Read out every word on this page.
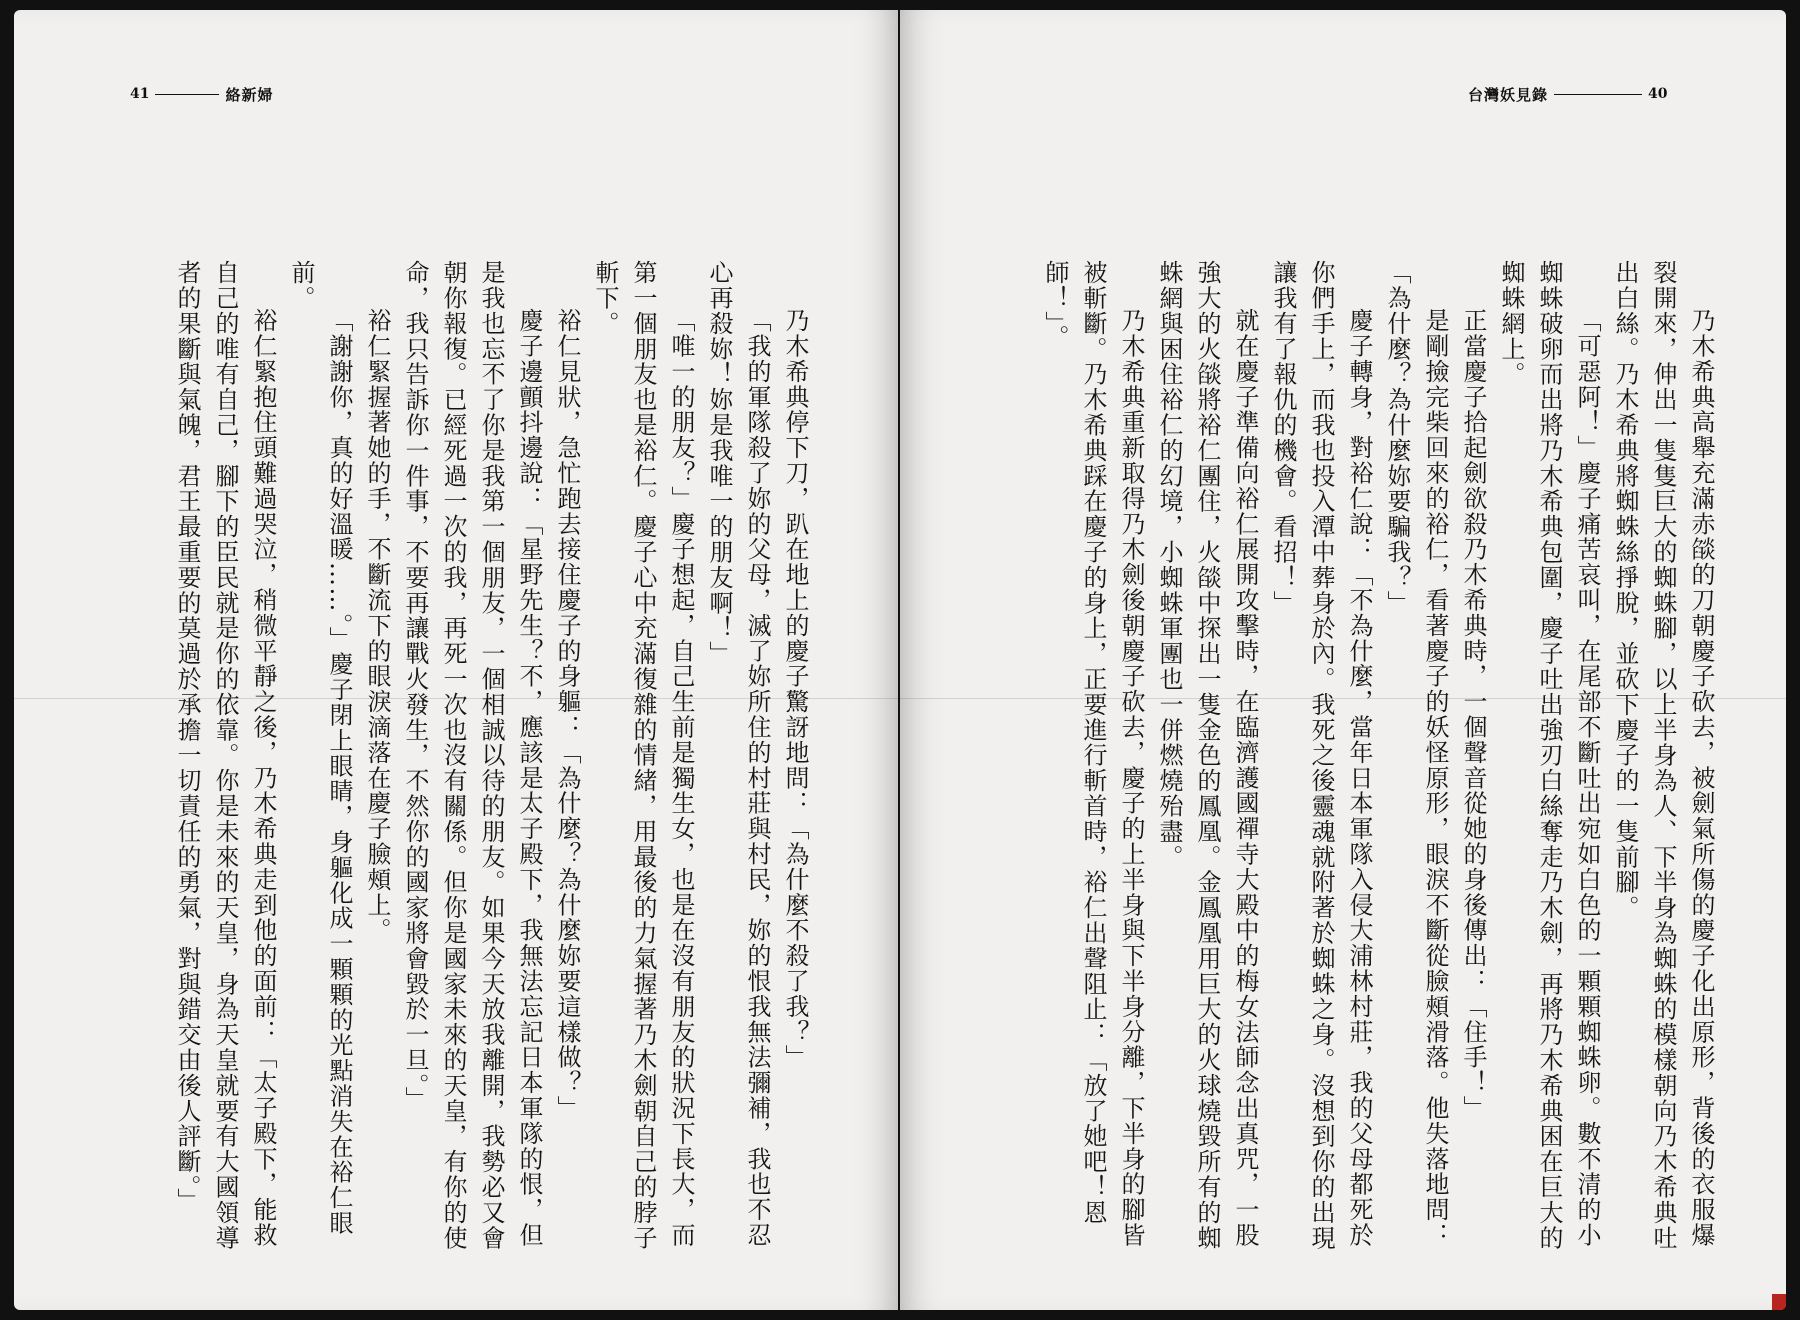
41	絡新婦

乃木希典停下刀，趴在地上的慶子驚訝地問：「為什麼不殺了我？」

「我的軍隊殺了妳的父母，滅了妳所住的村莊與村民，妳的恨我無法彌補，我也不忍心再殺妳！妳是我唯一的朋友啊！」

「唯一的朋友？」慶子想起，自己生前是獨生女，也是在沒有朋友的狀況下長大，而第一個朋友也是裕仁。慶子心中充滿復雜的情緒，用最後的力氣握著乃木劍朝自己的脖子斬下。

裕仁見狀，急忙跑去接住慶子的身軀：「為什麼？為什麼妳要這樣做？」

慶子邊顫抖邊說：「星野先生？不，應該是太子殿下，我無法忘記日本軍隊的恨，但是我也忘不了你是我第一個朋友，一個相誠以待的朋友。如果今天放我離開，我勢必又會朝你報復。已經死過一次的我，再死一次也沒有關係。但你是國家未來的天皇，有你的使命，我只告訴你一件事，不要再讓戰火發生，不然你的國家將會毀於一旦。」

裕仁緊握著她的手，不斷流下的眼淚滴落在慶子臉頰上。

「謝謝你，真的好溫暖……。」慶子閉上眼睛，身軀化成一顆顆的光點消失在裕仁眼前。

裕仁緊抱住頭難過哭泣，稍微平靜之後，乃木希典走到他的面前：「太子殿下，能救自己的唯有自己，腳下的臣民就是你的依靠。你是未來的天皇，身為天皇就要有大國領導者的果斷與氣魄，君王最重要的莫過於承擔一切責任的勇氣，對與錯交由後人評斷。」

台灣妖見錄	40

乃木希典高舉充滿赤燄的刀朝慶子砍去，被劍氣所傷的慶子化出原形，背後的衣服爆裂開來，伸出一隻隻巨大的蜘蛛腳，以上半身為人、下半身為蜘蛛的模樣朝向乃木希典吐出白絲。乃木希典將蜘蛛絲掙脫，並砍下慶子的一隻前腳。

「可惡阿！」慶子痛苦哀叫，在尾部不斷吐出宛如白色的一顆顆蜘蛛卵。數不清的小蜘蛛破卵而出將乃木希典包圍，慶子吐出強刃白絲奪走乃木劍，再將乃木希典困在巨大的蜘蛛網上。

正當慶子拾起劍欲殺乃木希典時，一個聲音從她的身後傳出：「住手！」

是剛撿完柴回來的裕仁，看著慶子的妖怪原形，眼淚不斷從臉頰滑落。他失落地問：「為什麼？為什麼妳要騙我？」

慶子轉身，對裕仁說：「不為什麼，當年日本軍隊入侵大浦林村莊，我的父母都死於你們手上，而我也投入潭中葬身於內。我死之後靈魂就附著於蜘蛛之身。沒想到你的出現讓我有了報仇的機會。看招！」

就在慶子準備向裕仁展開攻擊時，在臨濟護國禪寺大殿中的梅女法師念出真咒，一股強大的火燄將裕仁團住，火燄中探出一隻金色的鳳凰。金鳳凰用巨大的火球燒毀所有的蜘蛛網與困住裕仁的幻境，小蜘蛛軍團也一併燃燒殆盡。

乃木希典重新取得乃木劍後朝慶子砍去，慶子的上半身與下半身分離，下半身的腳皆被斬斷。乃木希典踩在慶子的身上，正要進行斬首時，裕仁出聲阻止：「放了她吧！恩師！」。
